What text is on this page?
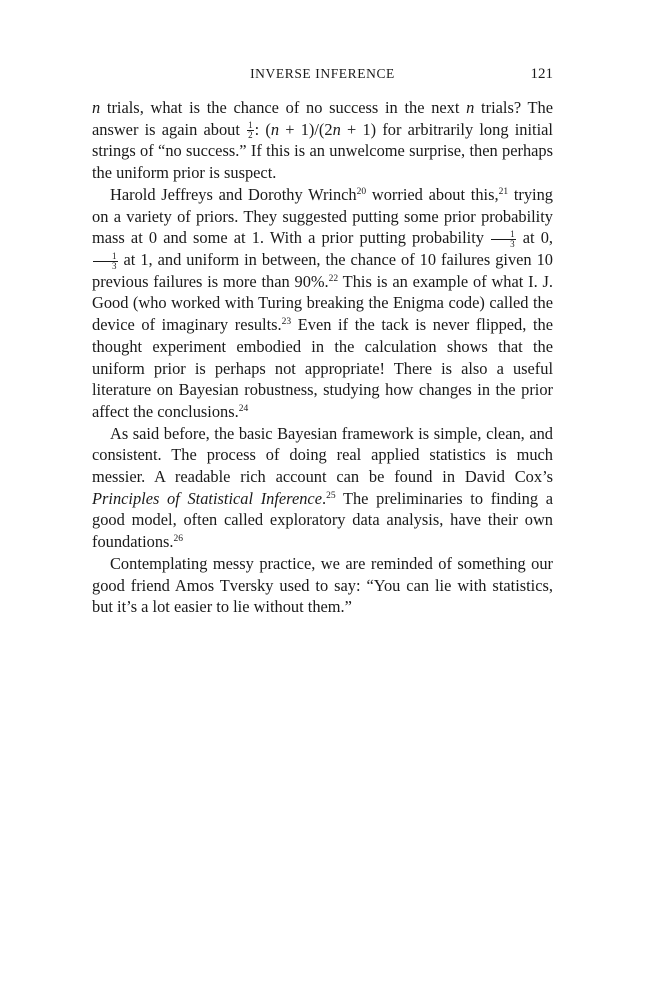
INVERSE INFERENCE	121

n trials, what is the chance of no success in the next n trials? The answer is again about $\frac{1}{2}$ : (n + 1)/(2n + 1) for arbitrarily long initial strings of “no success.” If this is an unwelcome surprise, then perhaps the uniform prior is suspect.

Harold Jeffreys and Dorothy Wrinch$^{20}$ worried about this,$^{21}$ trying on a variety of priors. They suggested putting some prior probability mass at 0 and some at 1. With a prior putting probability $\frac{1}{3}$ at 0,
$\frac{1}{3}$ at 1, and uniform in between, the chance of 10 failures given 10 previous failures is more than 90%.$^{22}$ This is an example of what I. J. Good (who worked with Turing breaking the Enigma code) called the device of imaginary results.$^{23}$ Even if the tack is never flipped, the thought experiment embodied in the calculation shows that the uniform prior is perhaps not appropriate! There is also a useful literature on Bayesian robustness, studying how changes in the prior affect the conclusions.$^{24}$

As said before, the basic Bayesian framework is simple, clean, and consistent. The process of doing real applied statistics is much messier. A readable rich account can be found in David Cox’s Principles of Statistical Inference.$^{25}$ The preliminaries to finding a good model, often called exploratory data analysis, have their own foundations.$^{26}$

Contemplating messy practice, we are reminded of something our good friend Amos Tversky used to say: “You can lie with statistics, but it’s a lot easier to lie without them.”
